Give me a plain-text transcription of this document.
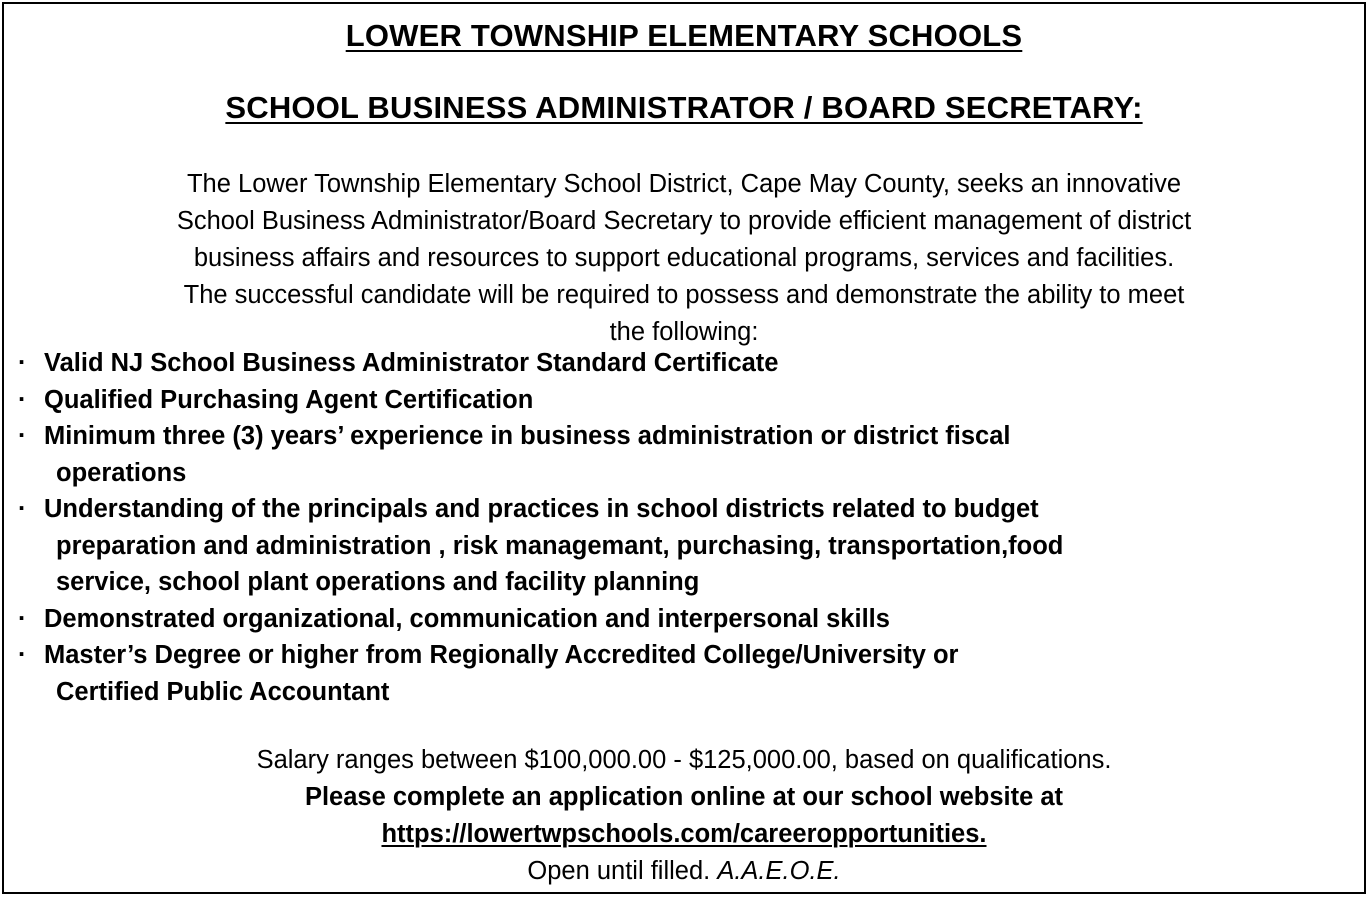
LOWER TOWNSHIP ELEMENTARY SCHOOLS
SCHOOL BUSINESS ADMINISTRATOR / BOARD SECRETARY:

The Lower Township Elementary School District, Cape May County, seeks an innovative
School Business Administrator/Board Secretary to provide efficient management of district
business affairs and resources to support educational programs, services and facilities.
The successful candidate will be required to possess and demonstrate the ability to meet
the following:

· Valid NJ School Business Administrator Standard Certificate
· Qualified Purchasing Agent Certification
· Minimum three (3) years’ experience in business administration or district fiscal
operations
· Understanding of the principals and practices in school districts related to budget
preparation and administration , risk managemant, purchasing, transportation,food
service, school plant operations and facility planning
· Demonstrated organizational, communication and interpersonal skills
· Master’s Degree or higher from Regionally Accredited College/University or
Certified Public Accountant
Salary ranges between $100,000.00 - $125,000.00, based on qualifications.
Please complete an application online at our school website at
https://lowertwpschools.com/careeropportunities.
Open until filled. A.A.E.O.E.
